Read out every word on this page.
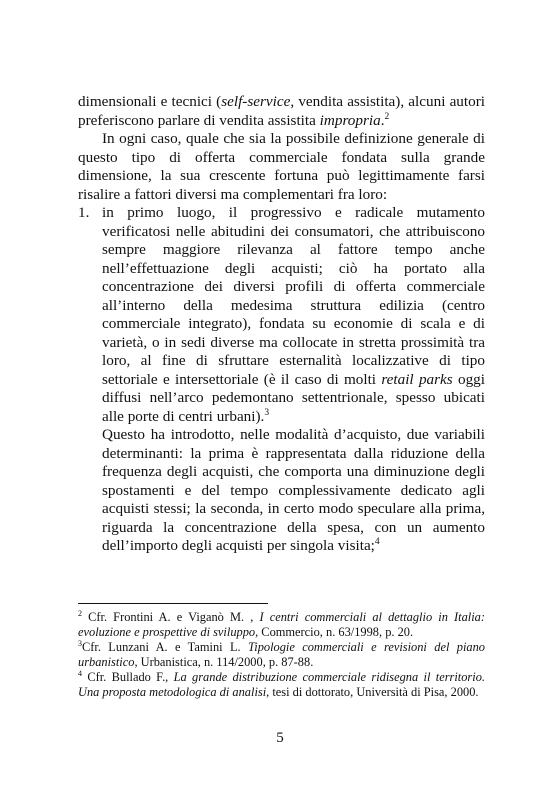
dimensionali e tecnici (self-service, vendita assistita), alcuni autori preferiscono parlare di vendita assistita impropria.$^2$

In ogni caso, quale che sia la possibile definizione generale di questo tipo di offerta commerciale fondata sulla grande dimensione, la sua crescente fortuna può legittimamente farsi risalire a fattori diversi ma complementari fra loro:

1. in primo luogo, il progressivo e radicale mutamento verificatosi nelle abitudini dei consumatori, che attribuiscono sempre maggiore rilevanza al fattore tempo anche nell’effettuazione degli acquisti; ciò ha portato alla concentrazione dei diversi profili di offerta commerciale all’interno della medesima struttura edilizia (centro commerciale integrato), fondata su economie di scala e di varietà, o in sedi diverse ma collocate in stretta prossimità tra loro, al fine di sfruttare esternalità localizzative di tipo settoriale e intersettoriale (è il caso di molti retail parks oggi diffusi nell’arco pedemontano settentrionale, spesso ubicati alle porte di centri urbani).$^3$

Questo ha introdotto, nelle modalità d’acquisto, due variabili determinanti: la prima è rappresentata dalla riduzione della frequenza degli acquisti, che comporta una diminuzione degli spostamenti e del tempo complessivamente dedicato agli acquisti stessi; la seconda, in certo modo speculare alla prima, riguarda la concentrazione della spesa, con un aumento dell’importo degli acquisti per singola visita;$^4$

$^2$ Cfr. Frontini A. e Viganò M. , I centri commerciali al dettaglio in Italia: evoluzione e prospettive di sviluppo, Commercio, n. 63/1998, p. 20.

$^3$Cfr. Lunzani A. e Tamini L. Tipologie commerciali e revisioni del piano urbanistico, Urbanistica, n. 114/2000, p. 87-88.

$^4$ Cfr. Bullado F., La grande distribuzione commerciale ridisegna il territorio. Una proposta metodologica di analisi, tesi di dottorato, Università di Pisa, 2000.

5
